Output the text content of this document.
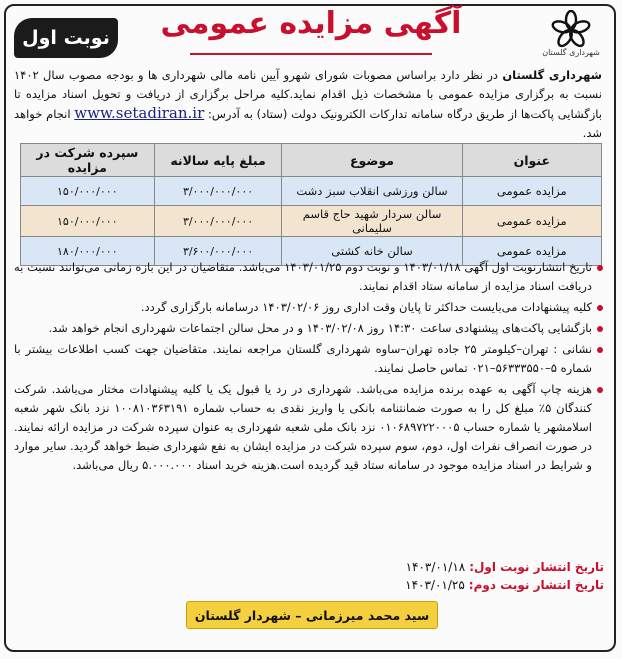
نوبت اول	آگهی مزایده عمومی
شهرداری گلستان
شهرداری گلستان در نظر دارد براساس مصوبات شورای شهرو آیین نامه مالی شهرداری ها و بودجه مصوب سال ۱۴۰۲ نسبت به برگزاری مزایده عمومی با مشخصات ذیل اقدام نماید.کلیه مراحل برگزاری از دریافت و تحویل اسناد مزایده تا بازگشایی پاکت‌ها از طریق درگاه سامانه تدارکات الکترونیک دولت (ستاد) به آدرس: www.setadiran.ir انجام خواهد شد.
عنوان	موضوع	مبلغ پایه سالانه	سپرده شرکت در مزایده
مزایده عمومی	سالن ورزشی انقلاب سبز دشت	۳/۰۰۰/۰۰۰/۰۰۰	۱۵۰/۰۰۰/۰۰۰
مزایده عمومی	سالن سردار شهید حاج قاسم سلیمانی	۳/۰۰۰/۰۰۰/۰۰۰	۱۵۰/۰۰۰/۰۰۰
مزایده عمومی	سالن خانه کشتی	۳/۶۰۰/۰۰۰/۰۰۰	۱۸۰/۰۰۰/۰۰۰
تاریخ انتشارنوبت اول آگهی ۱۴۰۳/۰۱/۱۸ و نوبت دوم ۱۴۰۳/۰۱/۲۵ می‌باشد. متقاضیان در این بازه زمانی می‌توانند نسبت به دریافت اسناد مزایده از سامانه ستاد اقدام نمایند.
کلیه پیشنهادات می‌بایست حداکثر تا پایان وقت اداری روز ۱۴۰۳/۰۲/۰۶ درسامانه بارگزاری گردد.
بازگشایی پاکت‌های پیشنهادی ساعت ۱۴:۳۰ روز ۱۴۰۳/۰۲/۰۸ و در محل سالن اجتماعات شهرداری انجام خواهد شد.
نشانی : تهران–کیلومتر ۲۵ جاده تهران–ساوه شهرداری گلستان مراجعه نمایند. متقاضیان جهت کسب اطلاعات بیشتر با شماره ۵–۵۶۳۳۳۵۵۰–۰۲۱ تماس حاصل نمایند.
هزینه چاپ آگهی به عهده برنده مزایده می‌باشد. شهرداری در رد یا قبول یک یا کلیه پیشنهادات مختار می‌باشد. شرکت کنندگان ۵٪ مبلغ کل را به صورت ضمانتنامه بانکی یا واریز نقدی به حساب شماره ۱۰۰۸۱۰۳۶۳۱۹۱ نزد بانک شهر شعبه اسلامشهر یا شماره حساب ۰۱۰۶۸۹۷۲۲۰۰۰۵ نزد بانک ملی شعبه شهرداری به عنوان سپرده شرکت در مزایده ارائه نمایند. در صورت انصراف نفرات اول، دوم، سوم سپرده شرکت در مزایده ایشان به نفع شهرداری ضبط خواهد گردید. سایر موارد و شرایط در اسناد مزایده موجود در سامانه ستاد قید گردیده است.هزینه خرید اسناد ۵.۰۰۰.۰۰۰ ریال می‌باشد.
تاریخ انتشار نوبت اول:۱۴۰۳/۰۱/۱۸
تاریخ انتشار نوبت دوم:۱۴۰۳/۰۱/۲۵
سید محمد میرزمانی – شهردار گلستان
